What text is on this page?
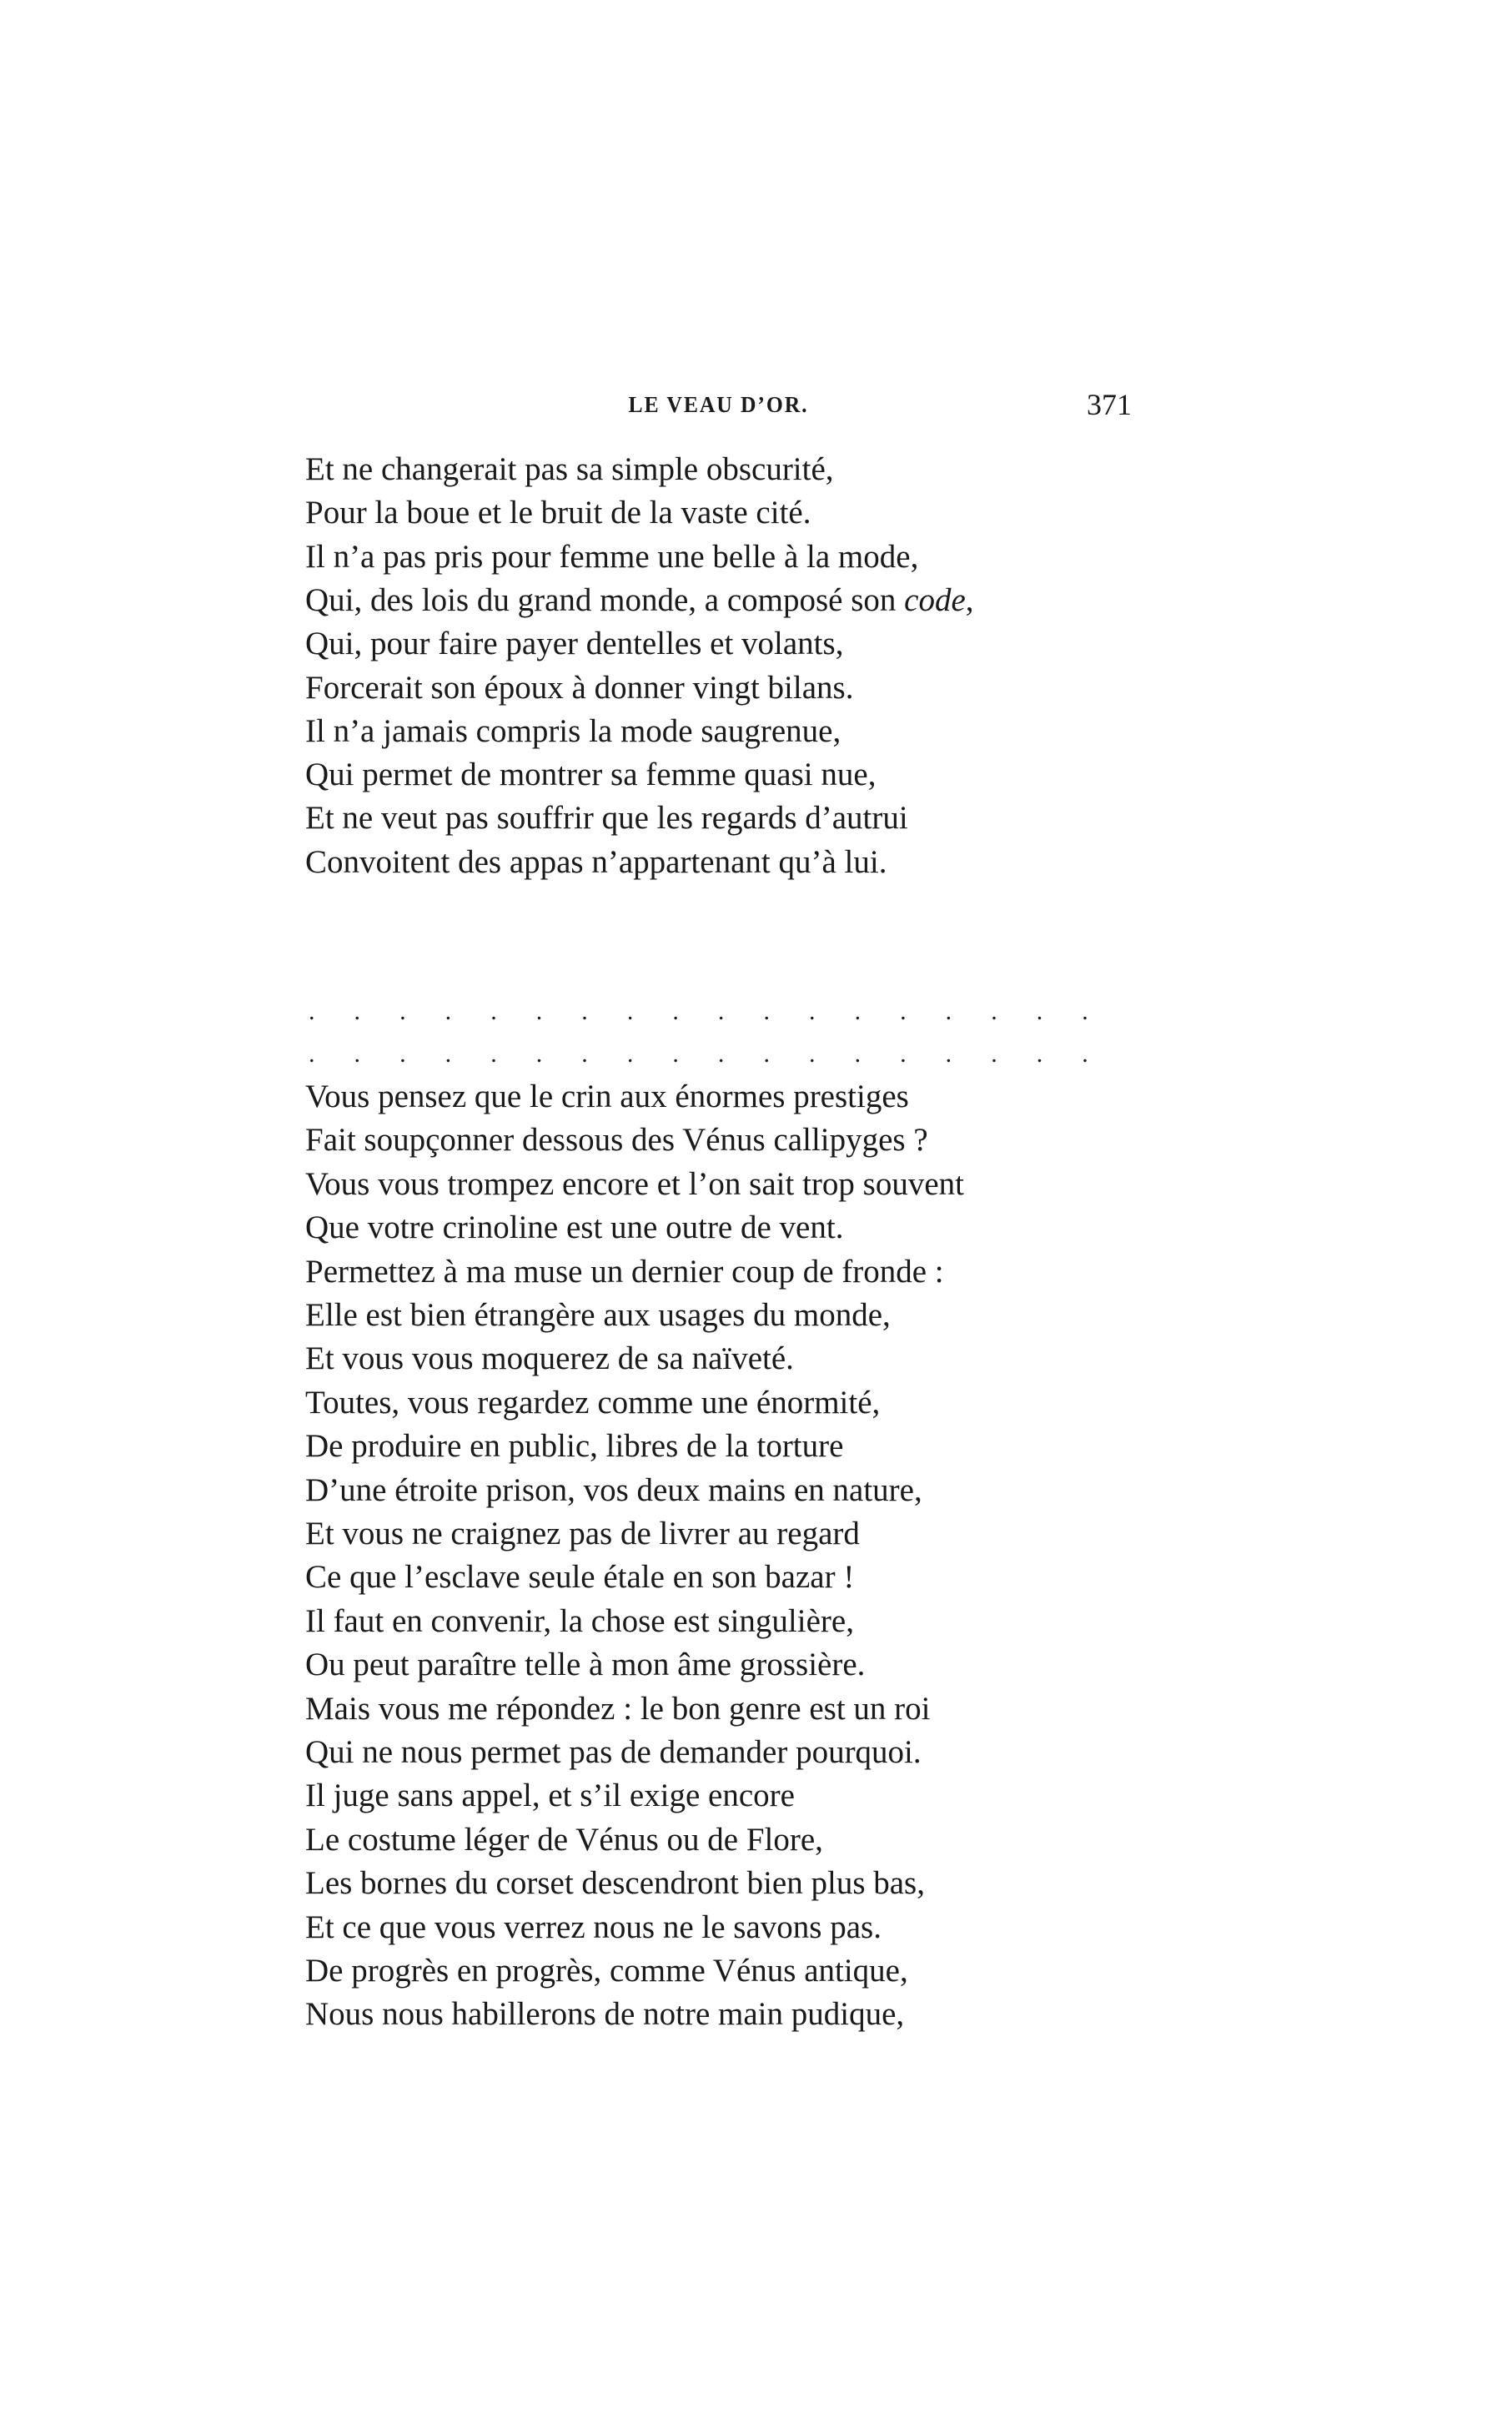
LE VEAU D’OR.	371
Et ne changerait pas sa simple obscurité,
Pour la boue et le bruit de la vaste cité.
Il n’a pas pris pour femme une belle à la mode,
Qui, des lois du grand monde, a composé son code,
Qui, pour faire payer dentelles et volants,
Forcerait son époux à donner vingt bilans.
Il n’a jamais compris la mode saugrenue,
Qui permet de montrer sa femme quasi nue,
Et ne veut pas souffrir que les regards d’autrui
Convoitent des appas n’appartenant qu’à lui.
. . . . . . . . . . . . . . . . . .
. . . . . . . . . . . . . . . . . .
Vous pensez que le crin aux énormes prestiges
Fait soupçonner dessous des Vénus callipyges ?
Vous vous trompez encore et l’on sait trop souvent
Que votre crinoline est une outre de vent.
Permettez à ma muse un dernier coup de fronde :
Elle est bien étrangère aux usages du monde,
Et vous vous moquerez de sa naïveté.
Toutes, vous regardez comme une énormité,
De produire en public, libres de la torture
D’une étroite prison, vos deux mains en nature,
Et vous ne craignez pas de livrer au regard
Ce que l’esclave seule étale en son bazar !
Il faut en convenir, la chose est singulière,
Ou peut paraître telle à mon âme grossière.
Mais vous me répondez : le bon genre est un roi
Qui ne nous permet pas de demander pourquoi.
Il juge sans appel, et s’il exige encore
Le costume léger de Vénus ou de Flore,
Les bornes du corset descendront bien plus bas,
Et ce que vous verrez nous ne le savons pas.
De progrès en progrès, comme Vénus antique,
Nous nous habillerons de notre main pudique,
